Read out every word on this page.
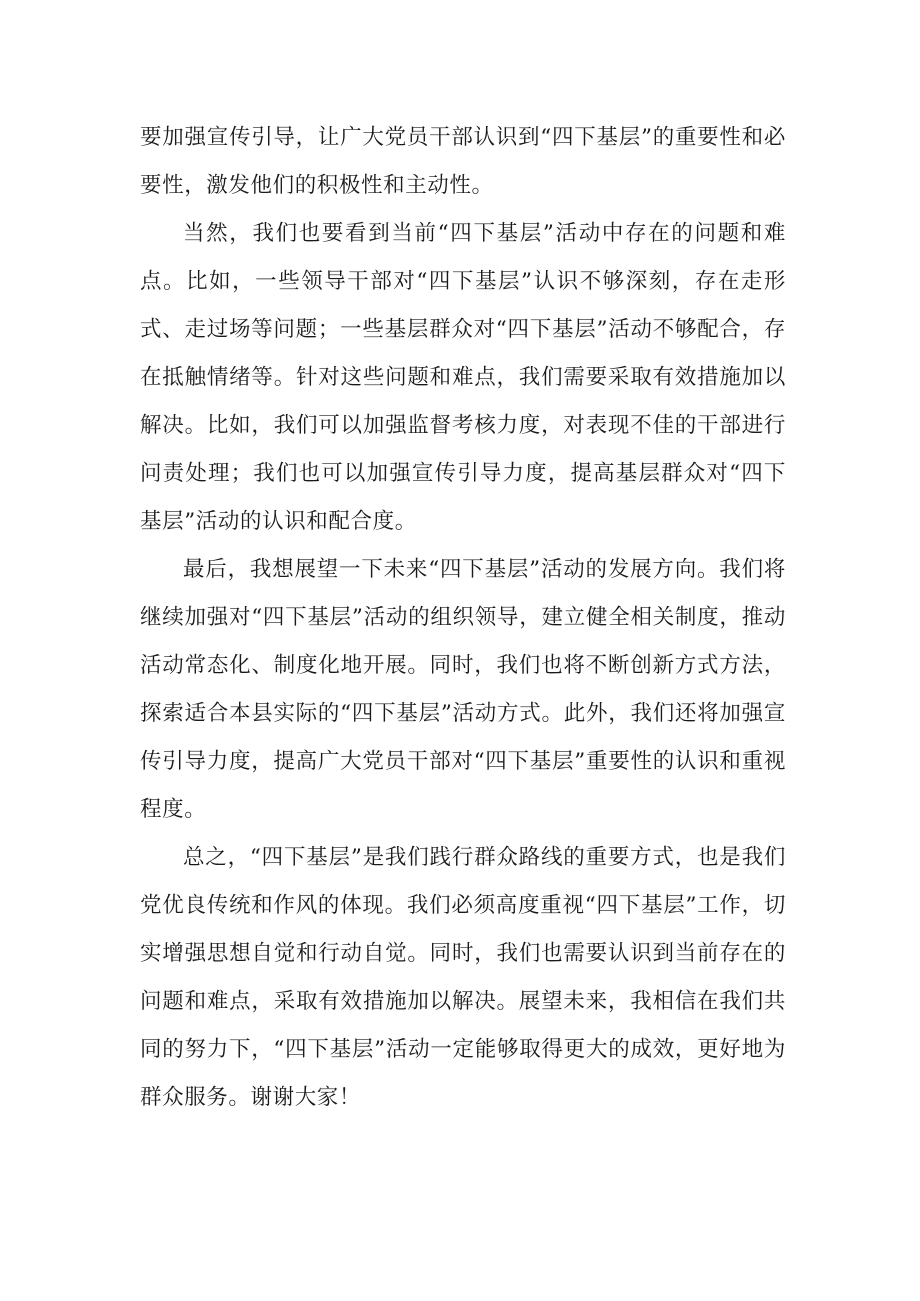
要加强宣传引导，让广大党员干部认识到“四下基层”的重要性和必要性，激发他们的积极性和主动性。

当然，我们也要看到当前“四下基层”活动中存在的问题和难点。比如，一些领导干部对“四下基层”认识不够深刻，存在走形式、走过场等问题；一些基层群众对“四下基层”活动不够配合，存在抵触情绪等。针对这些问题和难点，我们需要采取有效措施加以解决。比如，我们可以加强监督考核力度，对表现不佳的干部进行问责处理；我们也可以加强宣传引导力度，提高基层群众对“四下基层”活动的认识和配合度。

最后，我想展望一下未来“四下基层”活动的发展方向。我们将继续加强对“四下基层”活动的组织领导，建立健全相关制度，推动活动常态化、制度化地开展。同时，我们也将不断创新方式方法，探索适合本县实际的“四下基层”活动方式。此外，我们还将加强宣传引导力度，提高广大党员干部对“四下基层”重要性的认识和重视程度。

总之，“四下基层”是我们践行群众路线的重要方式，也是我们党优良传统和作风的体现。我们必须高度重视“四下基层”工作，切实增强思想自觉和行动自觉。同时，我们也需要认识到当前存在的问题和难点，采取有效措施加以解决。展望未来，我相信在我们共同的努力下，“四下基层”活动一定能够取得更大的成效，更好地为群众服务。谢谢大家！
